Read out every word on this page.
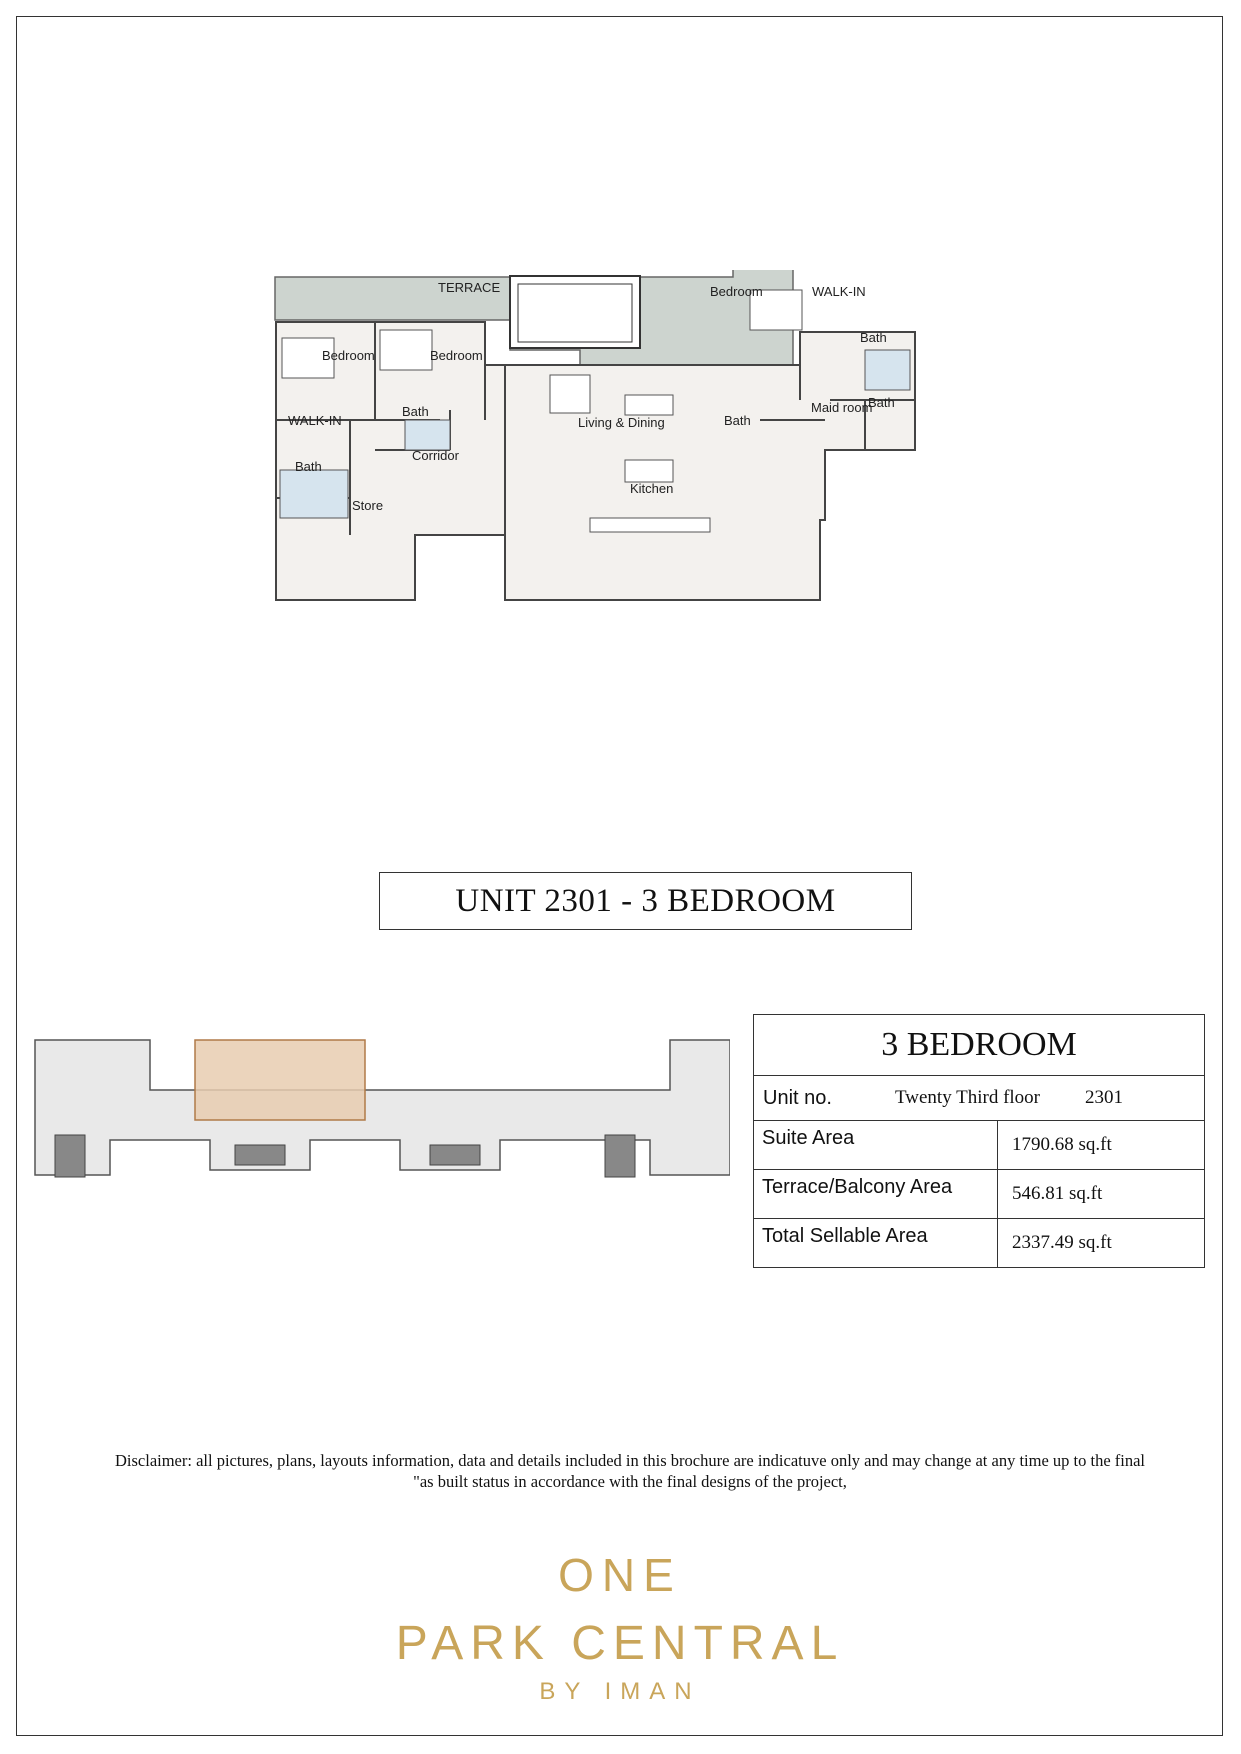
TERRACE
Bedroom	Bedroom
Bedroom
WALK-IN
WALK-IN
Bath
Bath
Bath
Bath
Bath
Corridor
Store
Living & Dining
Kitchen
Maid room
UNIT 2301 - 3 BEDROOM
3 BEDROOM	

Unit no. Twenty Third floor 2301	

Suite Area	1790.68 sq.ft
Terrace/Balcony Area	546.81 sq.ft
Total Sellable Area	2337.49 sq.ft
Disclaimer: all pictures, plans, layouts information, data and details included in this brochure are indicatuve only and may change at any time up to the final
"as built status in accordance with the final designs of the project,
ONE
PARK CENTRAL
BY IMAN
